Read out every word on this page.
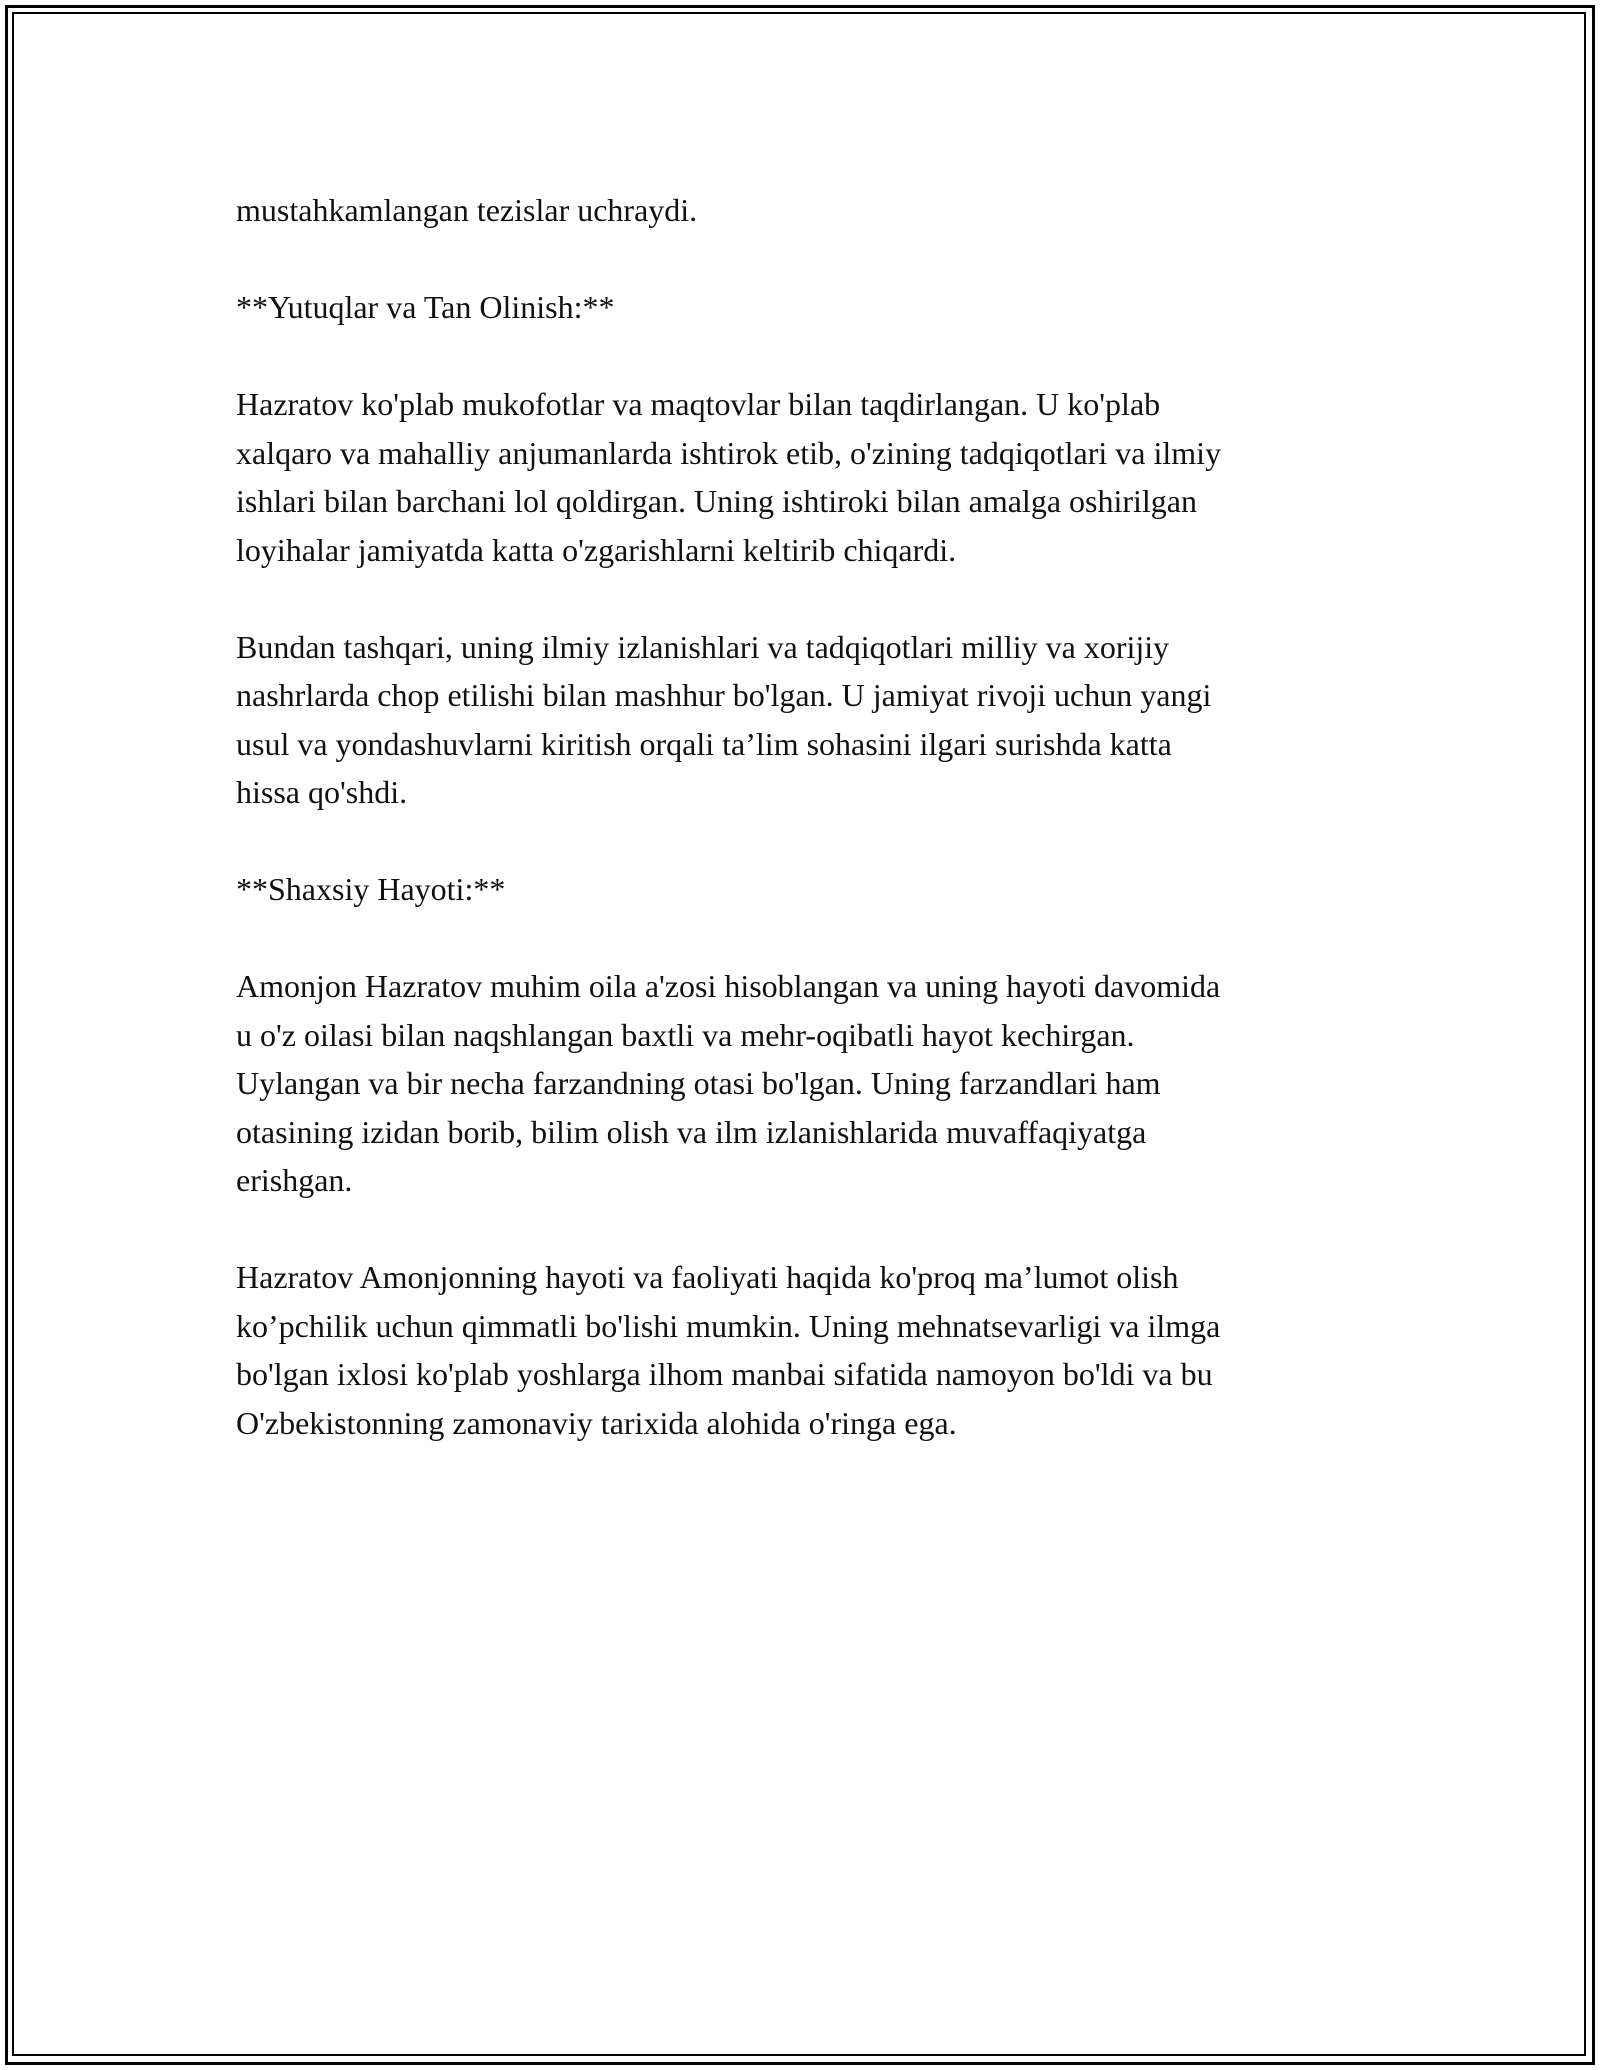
mustahkamlangan tezislar uchraydi.

**Yutuqlar va Tan Olinish:**

Hazratov ko'plab mukofotlar va maqtovlar bilan taqdirlangan. U ko'plab
xalqaro va mahalliy anjumanlarda ishtirok etib, o'zining tadqiqotlari va ilmiy
ishlari bilan barchani lol qoldirgan. Uning ishtiroki bilan amalga oshirilgan
loyihalar jamiyatda katta o'zgarishlarni keltirib chiqardi.

Bundan tashqari, uning ilmiy izlanishlari va tadqiqotlari milliy va xorijiy
nashrlarda chop etilishi bilan mashhur bo'lgan. U jamiyat rivoji uchun yangi
usul va yondashuvlarni kiritish orqali ta’lim sohasini ilgari surishda katta
hissa qo'shdi.

**Shaxsiy Hayoti:**

Amonjon Hazratov muhim oila a'zosi hisoblangan va uning hayoti davomida
u o'z oilasi bilan naqshlangan baxtli va mehr-oqibatli hayot kechirgan.
Uylangan va bir necha farzandning otasi bo'lgan. Uning farzandlari ham
otasining izidan borib, bilim olish va ilm izlanishlarida muvaffaqiyatga
erishgan.

Hazratov Amonjonning hayoti va faoliyati haqida ko'proq ma’lumot olish
ko’pchilik uchun qimmatli bo'lishi mumkin. Uning mehnatsevarligi va ilmga
bo'lgan ixlosi ko'plab yoshlarga ilhom manbai sifatida namoyon bo'ldi va bu
O'zbekistonning zamonaviy tarixida alohida o'ringa ega.
